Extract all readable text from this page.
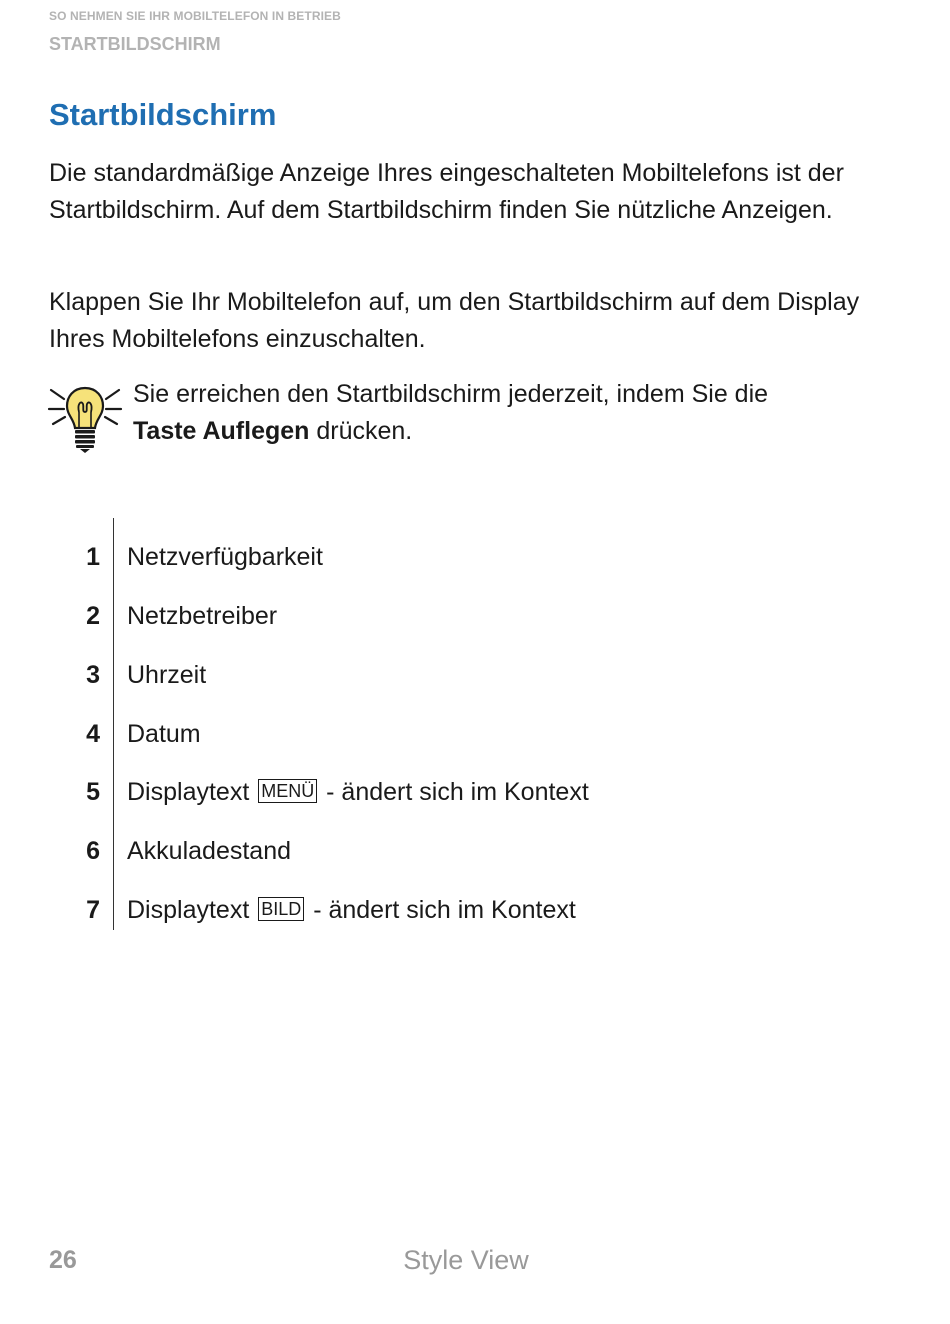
SO NEHMEN SIE IHR MOBILTELEFON IN BETRIEB
STARTBILDSCHIRM
Startbildschirm

Die standardmäßige Anzeige Ihres eingeschalteten Mobiltelefons ist der Startbildschirm. Auf dem Startbildschirm finden Sie nützliche Anzeigen.

Klappen Sie Ihr Mobiltelefon auf, um den Startbildschirm auf dem Display Ihres Mobiltelefons einzuschalten.

Sie erreichen den Startbildschirm jederzeit, indem Sie die
Taste Auflegen drücken.

1 Netzverfügbarkeit
2 Netzbetreiber
3 Uhrzeit
4 Datum
5 Displaytext MENÜ - ändert sich im Kontext
6 Akkuladestand
7 Displaytext BILD - ändert sich im Kontext
26	Style View
